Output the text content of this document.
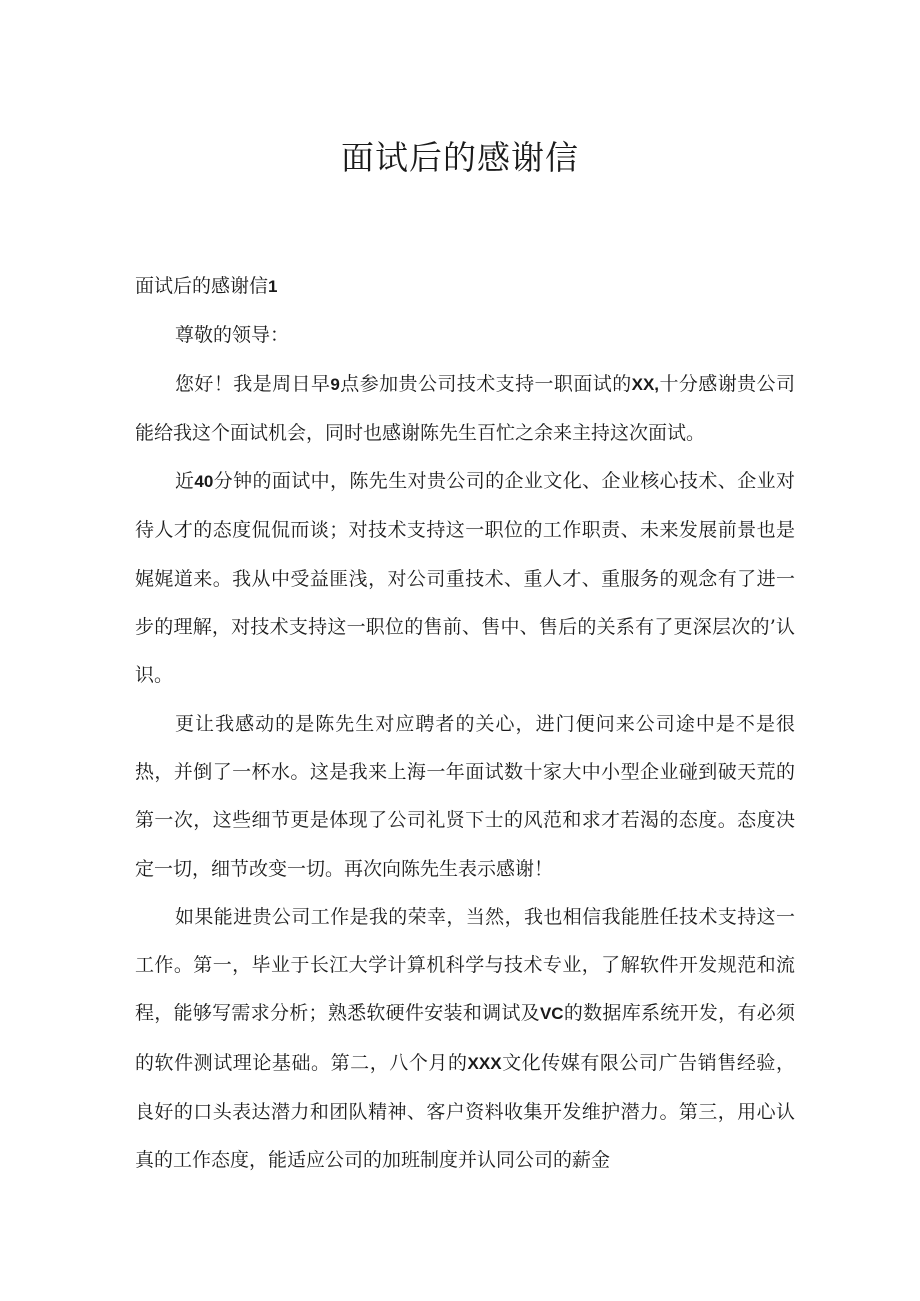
面试后的感谢信

面试后的感谢信1

尊敬的领导：

您好！我是周日早9点参加贵公司技术支持一职面试的XX,十分感谢贵公司能给我这个面试机会，同时也感谢陈先生百忙之余来主持这次面试。

近40分钟的面试中，陈先生对贵公司的企业文化、企业核心技术、企业对待人才的态度侃侃而谈；对技术支持这一职位的工作职责、未来发展前景也是娓娓道来。我从中受益匪浅，对公司重技术、重人才、重服务的观念有了进一步的理解，对技术支持这一职位的售前、售中、售后的关系有了更深层次的’认识。

更让我感动的是陈先生对应聘者的关心，进门便问来公司途中是不是很热，并倒了一杯水。这是我来上海一年面试数十家大中小型企业碰到破天荒的第一次，这些细节更是体现了公司礼贤下士的风范和求才若渴的态度。态度决定一切，细节改变一切。再次向陈先生表示感谢！

如果能进贵公司工作是我的荣幸，当然，我也相信我能胜任技术支持这一工作。第一，毕业于长江大学计算机科学与技术专业，了解软件开发规范和流程，能够写需求分析；熟悉软硬件安装和调试及VC的数据库系统开发，有必须的软件测试理论基础。第二，八个月的XXX文化传媒有限公司广告销售经验，良好的口头表达潜力和团队精神、客户资料收集开发维护潜力。第三，用心认真的工作态度，能适应公司的加班制度并认同公司的薪金
